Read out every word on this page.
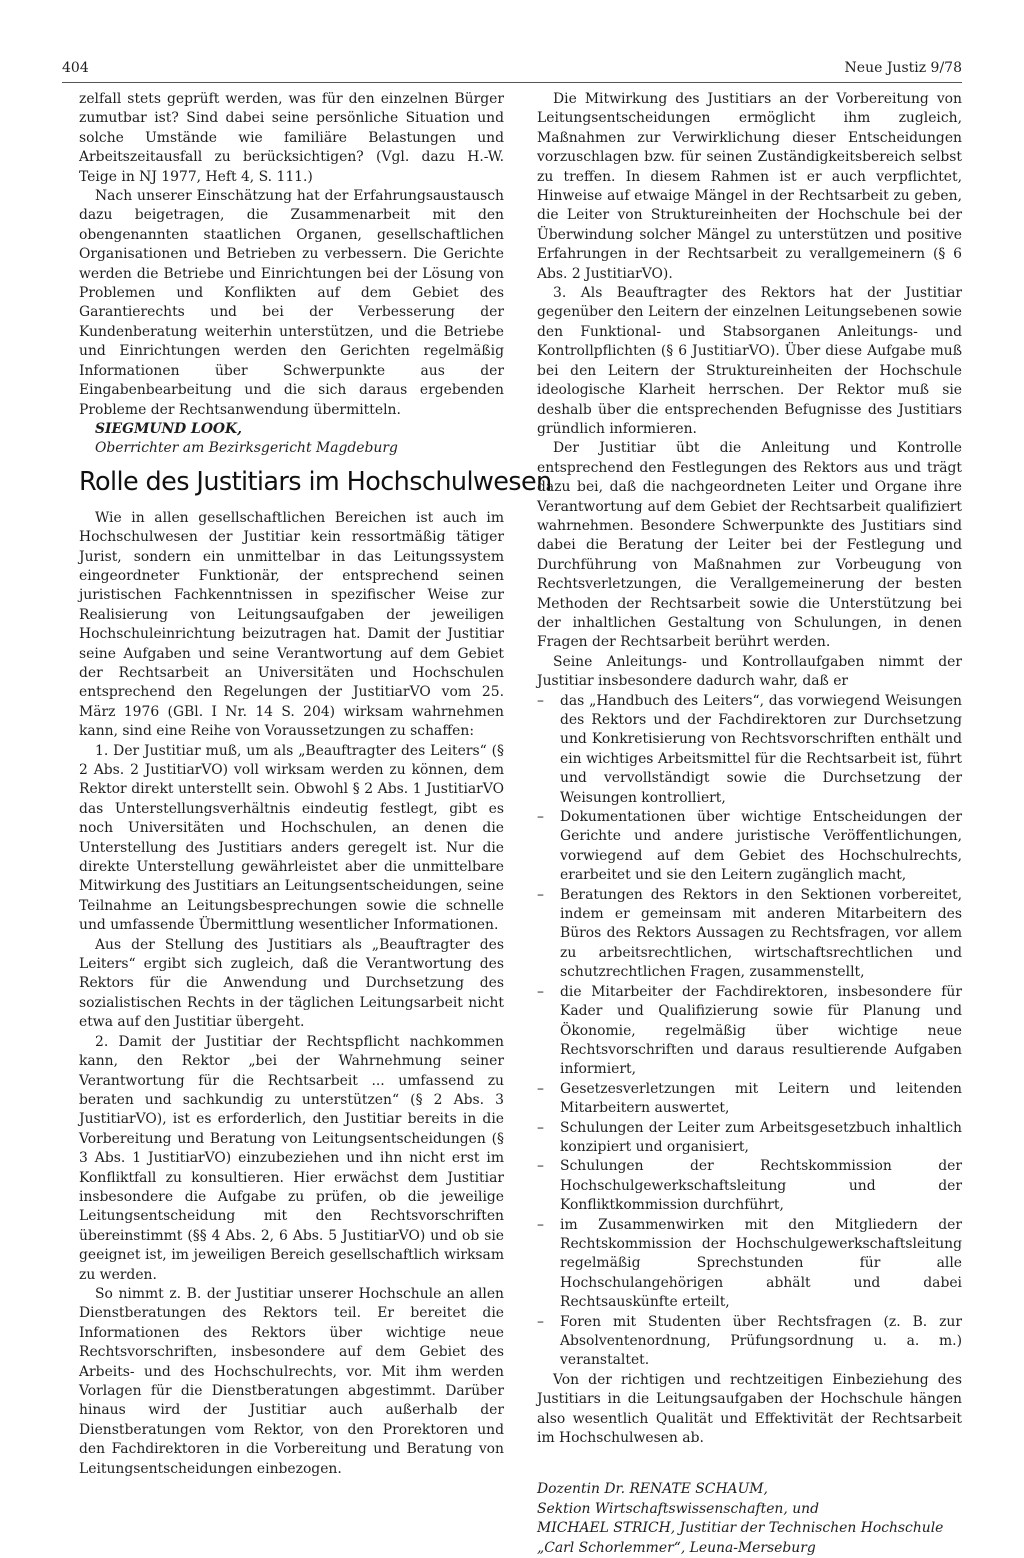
404	Neue Justiz 9/78

zelfall stets geprüft werden, was für den einzelnen Bürger zumutbar ist? Sind dabei seine persönliche Situation und solche Umstände wie familiäre Belastungen und Arbeitszeitausfall zu berücksichtigen? (Vgl. dazu H.-W. Teige in NJ 1977, Heft 4, S. 111.)

Nach unserer Einschätzung hat der Erfahrungsaustausch dazu beigetragen, die Zusammenarbeit mit den obengenannten staatlichen Organen, gesellschaftlichen Organisationen und Betrieben zu verbessern. Die Gerichte werden die Betriebe und Einrichtungen bei der Lösung von Problemen und Konflikten auf dem Gebiet des Garantierechts und bei der Verbesserung der Kundenberatung weiterhin unterstützen, und die Betriebe und Einrichtungen werden den Gerichten regelmäßig Informationen über Schwerpunkte aus der Eingabenbearbeitung und die sich daraus ergebenden Probleme der Rechtsanwendung übermitteln.

SIEGMUND LOOK,

Oberrichter am Bezirksgericht Magdeburg

Rolle des Justitiars im Hochschulwesen

Wie in allen gesellschaftlichen Bereichen ist auch im Hochschulwesen der Justitiar kein ressortmäßig tätiger Jurist, sondern ein unmittelbar in das Leitungssystem eingeordneter Funktionär, der entsprechend seinen juristischen Fachkenntnissen in spezifischer Weise zur Realisierung von Leitungsaufgaben der jeweiligen Hochschuleinrichtung beizutragen hat. Damit der Justitiar seine Aufgaben und seine Verantwortung auf dem Gebiet der Rechtsarbeit an Universitäten und Hochschulen entsprechend den Regelungen der JustitiarVO vom 25. März 1976 (GBl. I Nr. 14 S. 204) wirksam wahrnehmen kann, sind eine Reihe von Voraussetzungen zu schaffen:

1. Der Justitiar muß, um als „Beauftragter des Leiters“ (§ 2 Abs. 2 JustitiarVO) voll wirksam werden zu können, dem Rektor direkt unterstellt sein. Obwohl § 2 Abs. 1 JustitiarVO das Unterstellungsverhältnis eindeutig festlegt, gibt es noch Universitäten und Hochschulen, an denen die Unterstellung des Justitiars anders geregelt ist. Nur die direkte Unterstellung gewährleistet aber die unmittelbare Mitwirkung des Justitiars an Leitungsentscheidungen, seine Teilnahme an Leitungsbesprechungen sowie die schnelle und umfassende Übermittlung wesentlicher Informationen.

Aus der Stellung des Justitiars als „Beauftragter des Leiters“ ergibt sich zugleich, daß die Verantwortung des Rektors für die Anwendung und Durchsetzung des sozialistischen Rechts in der täglichen Leitungsarbeit nicht etwa auf den Justitiar übergeht.

2. Damit der Justitiar der Rechtspflicht nachkommen kann, den Rektor „bei der Wahrnehmung seiner Verantwortung für die Rechtsarbeit ... umfassend zu beraten und sachkundig zu unterstützen“ (§ 2 Abs. 3 JustitiarVO), ist es erforderlich, den Justitiar bereits in die Vorbereitung und Beratung von Leitungsentscheidungen (§ 3 Abs. 1 JustitiarVO) einzubeziehen und ihn nicht erst im Konfliktfall zu konsultieren. Hier erwächst dem Justitiar insbesondere die Aufgabe zu prüfen, ob die jeweilige Leitungsentscheidung mit den Rechtsvorschriften übereinstimmt (§§ 4 Abs. 2, 6 Abs. 5 JustitiarVO) und ob sie geeignet ist, im jeweiligen Bereich gesellschaftlich wirksam zu werden.

So nimmt z. B. der Justitiar unserer Hochschule an allen Dienstberatungen des Rektors teil. Er bereitet die Informationen des Rektors über wichtige neue Rechtsvorschriften, insbesondere auf dem Gebiet des Arbeits- und des Hochschulrechts, vor. Mit ihm werden Vorlagen für die Dienstberatungen abgestimmt. Darüber hinaus wird der Justitiar auch außerhalb der Dienstberatungen vom Rektor, von den Prorektoren und den Fachdirektoren in die Vorbereitung und Beratung von Leitungsentscheidungen einbezogen.

Die Mitwirkung des Justitiars an der Vorbereitung von Leitungsentscheidungen ermöglicht ihm zugleich, Maßnahmen zur Verwirklichung dieser Entscheidungen vorzuschlagen bzw. für seinen Zuständigkeitsbereich selbst zu treffen. In diesem Rahmen ist er auch verpflichtet, Hinweise auf etwaige Mängel in der Rechtsarbeit zu geben, die Leiter von Struktureinheiten der Hochschule bei der Überwindung solcher Mängel zu unterstützen und positive Erfahrungen in der Rechtsarbeit zu verallgemeinern (§ 6 Abs. 2 JustitiarVO).

3. Als Beauftragter des Rektors hat der Justitiar gegenüber den Leitern der einzelnen Leitungsebenen sowie den Funktional- und Stabsorganen Anleitungs- und Kontrollpflichten (§ 6 JustitiarVO). Über diese Aufgabe muß bei den Leitern der Struktureinheiten der Hochschule ideologische Klarheit herrschen. Der Rektor muß sie deshalb über die entsprechenden Befugnisse des Justitiars gründlich informieren.

Der Justitiar übt die Anleitung und Kontrolle entsprechend den Festlegungen des Rektors aus und trägt dazu bei, daß die nachgeordneten Leiter und Organe ihre Verantwortung auf dem Gebiet der Rechtsarbeit qualifiziert wahrnehmen. Besondere Schwerpunkte des Justitiars sind dabei die Beratung der Leiter bei der Festlegung und Durchführung von Maßnahmen zur Vorbeugung von Rechtsverletzungen, die Verallgemeinerung der besten Methoden der Rechtsarbeit sowie die Unterstützung bei der inhaltlichen Gestaltung von Schulungen, in denen Fragen der Rechtsarbeit berührt werden.

Seine Anleitungs- und Kontrollaufgaben nimmt der Justitiar insbesondere dadurch wahr, daß er

– das „Handbuch des Leiters“, das vorwiegend Weisungen des Rektors und der Fachdirektoren zur Durchsetzung und Konkretisierung von Rechtsvorschriften enthält und ein wichtiges Arbeitsmittel für die Rechtsarbeit ist, führt und vervollständigt sowie die Durchsetzung der Weisungen kontrolliert,
– Dokumentationen über wichtige Entscheidungen der Gerichte und andere juristische Veröffentlichungen, vorwiegend auf dem Gebiet des Hochschulrechts, erarbeitet und sie den Leitern zugänglich macht,
– Beratungen des Rektors in den Sektionen vorbereitet, indem er gemeinsam mit anderen Mitarbeitern des Büros des Rektors Aussagen zu Rechtsfragen, vor allem zu arbeitsrechtlichen, wirtschaftsrechtlichen und schutzrechtlichen Fragen, zusammenstellt,
– die Mitarbeiter der Fachdirektoren, insbesondere für Kader und Qualifizierung sowie für Planung und Ökonomie, regelmäßig über wichtige neue Rechtsvorschriften und daraus resultierende Aufgaben informiert,
– Gesetzesverletzungen mit Leitern und leitenden Mitarbeitern auswertet,
– Schulungen der Leiter zum Arbeitsgesetzbuch inhaltlich konzipiert und organisiert,
– Schulungen der Rechtskommission der Hochschulgewerkschaftsleitung und der Konfliktkommission durchführt,
– im Zusammenwirken mit den Mitgliedern der Rechtskommission der Hochschulgewerkschaftsleitung regelmäßig Sprechstunden für alle Hochschulangehörigen abhält und dabei Rechtsauskünfte erteilt,
– Foren mit Studenten über Rechtsfragen (z. B. zur Absolventenordnung, Prüfungsordnung u. a. m.) veranstaltet.

Von der richtigen und rechtzeitigen Einbeziehung des Justitiars in die Leitungsaufgaben der Hochschule hängen also wesentlich Qualität und Effektivität der Rechtsarbeit im Hochschulwesen ab.

Dozentin Dr. RENATE SCHAUM,

Sektion Wirtschaftswissenschaften, und

MICHAEL STRICH, Justitiar der Technischen Hochschule

„Carl Schorlemmer“, Leuna-Merseburg
